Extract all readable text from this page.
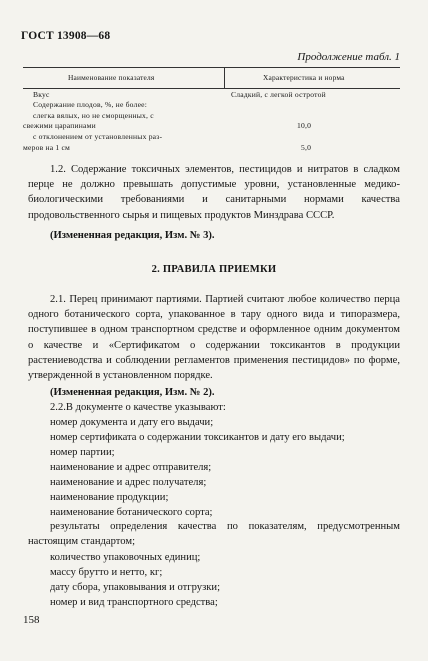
ГОСТ 13908—68
Продолжение табл. 1
Наименование показателя	Характеристика и норма
Вкус	Сладкий, с легкой остротой
Содержание плодов, %, не более:
слегка вялых, но не сморщенных, с
свежими царапинами	10,0
с отклонением от установленных раз-
меров на 1 см	5,0

1.2. Содержание токсичных элементов, пестицидов и нитратов в сладком перце не должно превышать допустимые уровни, установленные медико-биологическими требованиями и санитарными нормами качества продовольственного сырья и пищевых продуктов Минздрава СССР.

(Измененная редакция, Изм. № 3).
2. ПРАВИЛА ПРИЕМКИ

2.1. Перец принимают партиями. Партией считают любое количество перца одного ботанического сорта, упакованное в тару одного вида и типоразмера, поступившее в одном транспортном средстве и оформленное одним документом о качестве и «Сертификатом о содержании токсикантов в продукции растениеводства и соблюдении регламентов применения пестицидов» по форме, утвержденной в установленном порядке.

(Измененная редакция, Изм. № 2).
2.2.В документе о качестве указывают:
номер документа и дату его выдачи;
номер сертификата о содержании токсикантов и дату его выдачи;
номер партии;
наименование и адрес отправителя;
наименование и адрес получателя;
наименование продукции;
наименование ботанического сорта;

результаты определения качества по показателям, предусмотренным настоящим стандартом;

количество упаковочных единиц;
массу брутто и нетто, кг;
дату сбора, упаковывания и отгрузки;
номер и вид транспортного средства;
158
